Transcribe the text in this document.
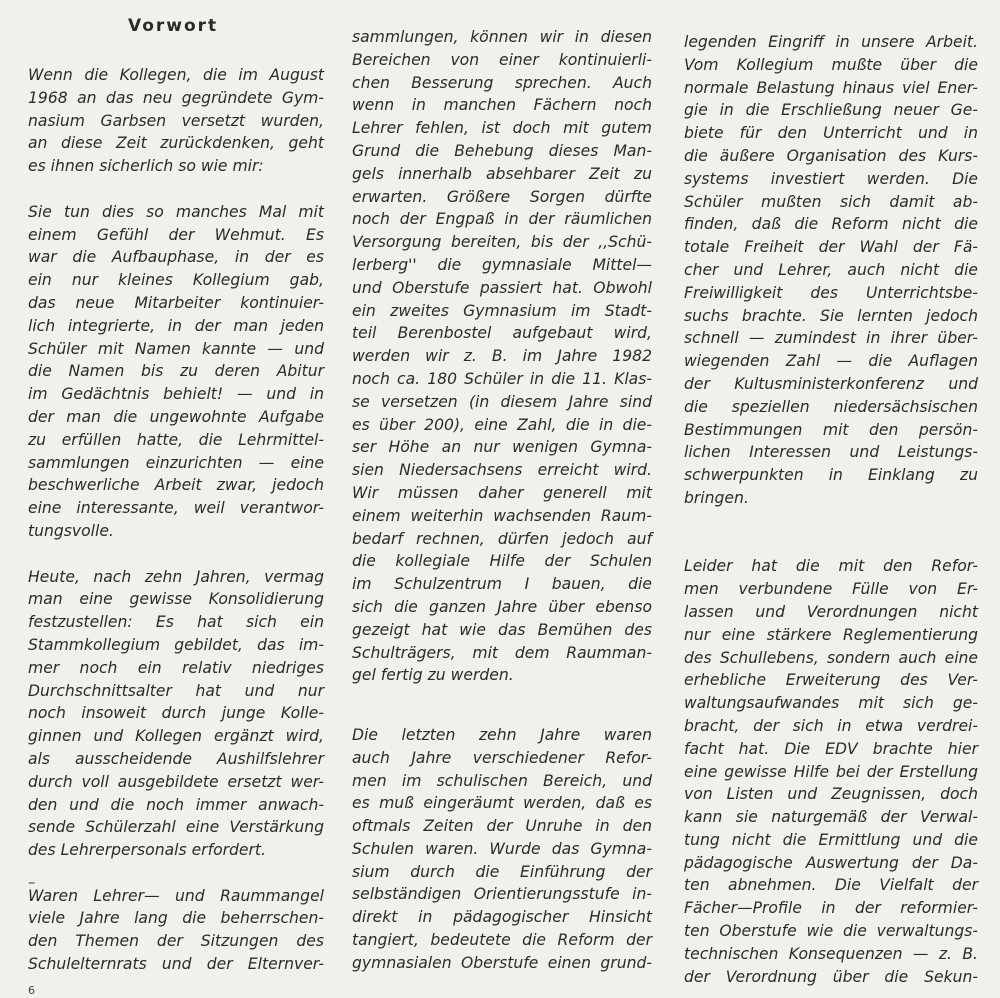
Vorwort

Wenn die Kollegen, die im August
1968 an das neu gegründete Gym-
nasium Garbsen versetzt wurden,
an diese Zeit zurückdenken, geht
es ihnen sicherlich so wie mir:

Sie tun dies so manches Mal mit
einem Gefühl der Wehmut. Es
war die Aufbauphase, in der es
ein nur kleines Kollegium gab,
das neue Mitarbeiter kontinuier-
lich integrierte, in der man jeden
Schüler mit Namen kannte — und
die Namen bis zu deren Abitur
im Gedächtnis behielt! — und in
der man die ungewohnte Aufgabe
zu erfüllen hatte, die Lehrmittel-
sammlungen einzurichten — eine
beschwerliche Arbeit zwar, jedoch
eine interessante, weil verantwor-
tungsvolle.

Heute, nach zehn Jahren, vermag
man eine gewisse Konsolidierung
festzustellen: Es hat sich ein
Stammkollegium gebildet, das im-
mer noch ein relativ niedriges
Durchschnittsalter hat und nur
noch insoweit durch junge Kolle-
ginnen und Kollegen ergänzt wird,
als ausscheidende Aushilfslehrer
durch voll ausgebildete ersetzt wer-
den und die noch immer anwach-
sende Schülerzahl eine Verstärkung
des Lehrerpersonals erfordert.

Waren Lehrer— und Raummangel
viele Jahre lang die beherrschen-
den Themen der Sitzungen des
Schulelternrats und der Elternver-

–

sammlungen, können wir in diesen
Bereichen von einer kontinuierli-
chen Besserung sprechen. Auch
wenn in manchen Fächern noch
Lehrer fehlen, ist doch mit gutem
Grund die Behebung dieses Man-
gels innerhalb absehbarer Zeit zu
erwarten. Größere Sorgen dürfte
noch der Engpaß in der räumlichen
Versorgung bereiten, bis der ,,Schü-
lerberg'' die gymnasiale Mittel—
und Oberstufe passiert hat. Obwohl
ein zweites Gymnasium im Stadt-
teil Berenbostel aufgebaut wird,
werden wir z. B. im Jahre 1982
noch ca. 180 Schüler in die 11. Klas-
se versetzen (in diesem Jahre sind
es über 200), eine Zahl, die in die-
ser Höhe an nur wenigen Gymna-
sien Niedersachsens erreicht wird.
Wir müssen daher generell mit
einem weiterhin wachsenden Raum-
bedarf rechnen, dürfen jedoch auf
die kollegiale Hilfe der Schulen
im Schulzentrum I bauen, die
sich die ganzen Jahre über ebenso
gezeigt hat wie das Bemühen des
Schulträgers, mit dem Raumman-
gel fertig zu werden.

Die letzten zehn Jahre waren
auch Jahre verschiedener Refor-
men im schulischen Bereich, und
es muß eingeräumt werden, daß es
oftmals Zeiten der Unruhe in den
Schulen waren. Wurde das Gymna-
sium durch die Einführung der
selbständigen Orientierungsstufe in-
direkt in pädagogischer Hinsicht
tangiert, bedeutete die Reform der
gymnasialen Oberstufe einen grund-

legenden Eingriff in unsere Arbeit.
Vom Kollegium mußte über die
normale Belastung hinaus viel Ener-
gie in die Erschließung neuer Ge-
biete für den Unterricht und in
die äußere Organisation des Kurs-
systems investiert werden. Die
Schüler mußten sich damit ab-
finden, daß die Reform nicht die
totale Freiheit der Wahl der Fä-
cher und Lehrer, auch nicht die
Freiwilligkeit des Unterrichtsbe-
suchs brachte. Sie lernten jedoch
schnell — zumindest in ihrer über-
wiegenden Zahl — die Auflagen
der Kultusministerkonferenz und
die speziellen niedersächsischen
Bestimmungen mit den persön-
lichen Interessen und Leistungs-
schwerpunkten in Einklang zu
bringen.

Leider hat die mit den Refor-
men verbundene Fülle von Er-
lassen und Verordnungen nicht
nur eine stärkere Reglementierung
des Schullebens, sondern auch eine
erhebliche Erweiterung des Ver-
waltungsaufwandes mit sich ge-
bracht, der sich in etwa verdrei-
facht hat. Die EDV brachte hier
eine gewisse Hilfe bei der Erstellung
von Listen und Zeugnissen, doch
kann sie naturgemäß der Verwal-
tung nicht die Ermittlung und die
pädagogische Auswertung der Da-
ten abnehmen. Die Vielfalt der
Fächer—Profile in der reformier-
ten Oberstufe wie die verwaltungs-
technischen Konsequenzen — z. B.
der Verordnung über die Sekun-

6
